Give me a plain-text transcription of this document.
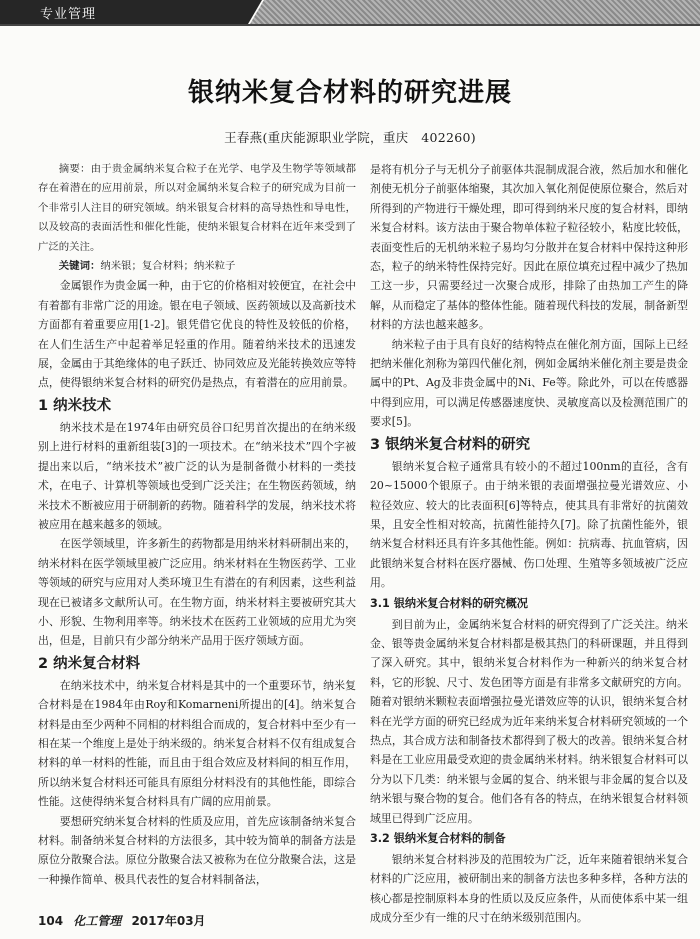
专业管理
银纳米复合材料的研究进展
王春燕(重庆能源职业学院，重庆　402260)

摘要：由于贵金属纳米复合粒子在光学、电学及生物学等领域都存在着潜在的应用前景，所以对金属纳米复合粒子的研究成为目前一个非常引人注目的研究领域。纳米银复合材料的高导热性和导电性，以及较高的表面活性和催化性能，使纳米银复合材料在近年来受到了广泛的关注。

关键词：纳米银；复合材料；纳米粒子

金属银作为贵金属一种，由于它的价格相对较便宜，在社会中有着都有非常广泛的用途。银在电子领域、医药领域以及高新技术方面都有着重要应用[1-2]。银凭借它优良的特性及较低的价格，在人们生活生产中起着举足轻重的作用。随着纳米技术的迅速发展，金属由于其绝缘体的电子跃迁、协同效应及光能转换效应等特点，使得银纳米复合材料的研究仍是热点，有着潜在的应用前景。

1 纳米技术

纳米技术是在1974年由研究员谷口纪男首次提出的在纳米级别上进行材料的重新组装[3]的一项技术。在“纳米技术”四个字被提出来以后，“纳米技术”被广泛的认为是制备微小材料的一类技术，在电子、计算机等领域也受到广泛关注；在生物医药领域，纳米技术不断被应用于研制新的药物。随着科学的发展，纳米技术将被应用在越来越多的领域。

在医学领域里，许多新生的药物都是用纳米材料研制出来的，纳米材料在医学领域里被广泛应用。纳米材料在生物医药学、工业等领域的研究与应用对人类环境卫生有潜在的有利因素，这些利益现在已被诸多文献所认可。在生物方面，纳米材料主要被研究其大小、形貌、生物利用率等。纳米技术在医药工业领域的应用尤为突出，但是，目前只有少部分纳米产品用于医疗领域方面。

2 纳米复合材料

在纳米技术中，纳米复合材料是其中的一个重要环节，纳米复合材料是在1984年由Roy和Komarneni所提出的[4]。纳米复合材料是由至少两种不同相的材料组合而成的，复合材料中至少有一相在某一个维度上是处于纳米级的。纳米复合材料不仅有组成复合材料的单一材料的性能，而且由于组合效应及材料间的相互作用，所以纳米复合材料还可能具有原组分材料没有的其他性能，即综合性能。这使得纳米复合材料具有广阔的应用前景。

要想研究纳米复合材料的性质及应用，首先应该制备纳米复合材料。制备纳米复合材料的方法很多，其中较为简单的制备方法是原位分散聚合法。原位分散聚合法又被称为在位分散聚合法，这是一种操作简单、极具代表性的复合材料制备法，

是将有机分子与无机分子前驱体共混制成混合液，然后加水和催化剂使无机分子前驱体缩聚，其次加入氧化剂促使原位聚合，然后对所得到的产物进行干燥处理，即可得到纳米尺度的复合材料，即纳米复合材料。该方法由于聚合物单体粒子粒径较小，粘度比较低，表面变性后的无机纳米粒子易均匀分散并在复合材料中保持这种形态，粒子的纳米特性保持完好。因此在原位填充过程中减少了热加工这一步，只需要经过一次聚合成形，排除了由热加工产生的降解，从而稳定了基体的整体性能。随着现代科技的发展，制备新型材料的方法也越来越多。

纳米粒子由于具有良好的结构特点在催化剂方面，国际上已经把纳米催化剂称为第四代催化剂，例如金属纳米催化剂主要是贵金属中的Pt、Ag及非贵金属中的Ni、Fe等。除此外，可以在传感器中得到应用，可以满足传感器速度快、灵敏度高以及检测范围广的要求[5]。

3 银纳米复合材料的研究

银纳米复合粒子通常具有较小的不超过100nm的直径，含有20~15000个银原子。由于纳米银的表面增强拉曼光谱效应、小粒径效应、较大的比表面积[6]等特点，使其具有非常好的抗菌效果，且安全性相对较高，抗菌性能持久[7]。除了抗菌性能外，银纳米复合材料还具有许多其他性能。例如：抗病毒、抗血管病，因此银纳米复合材料在医疗器械、伤口处理、生殖等多领域被广泛应用。

3.1 银纳米复合材料的研究概况

到目前为止，金属纳米复合材料的研究得到了广泛关注。纳米金、银等贵金属纳米复合材料都是极其热门的科研课题，并且得到了深入研究。其中，银纳米复合材料作为一种新兴的纳米复合材料，它的形貌、尺寸、发色团等方面是有非常多文献研究的方向。随着对银纳米颗粒表面增强拉曼光谱效应等的认识，银纳米复合材料在光学方面的研究已经成为近年来纳米复合材料研究领域的一个热点，其合成方法和制备技术都得到了极大的改善。银纳米复合材料是在工业应用最受欢迎的贵金属纳米材料。纳米银复合材料可以分为以下几类：纳米银与金属的复合、纳米银与非金属的复合以及纳米银与聚合物的复合。他们各有各的特点，在纳米银复合材料领域里已得到广泛应用。

3.2 银纳米复合材料的制备

银纳米复合材料涉及的范围较为广泛，近年来随着银纳米复合材料的广泛应用，被研制出来的制备方法也多种多样，各种方法的核心都是控制原料本身的性质以及反应条件，从而使体系中某一组成成分至少有一维的尺寸在纳米级别范围内。

104 化工管理 2017年03月
